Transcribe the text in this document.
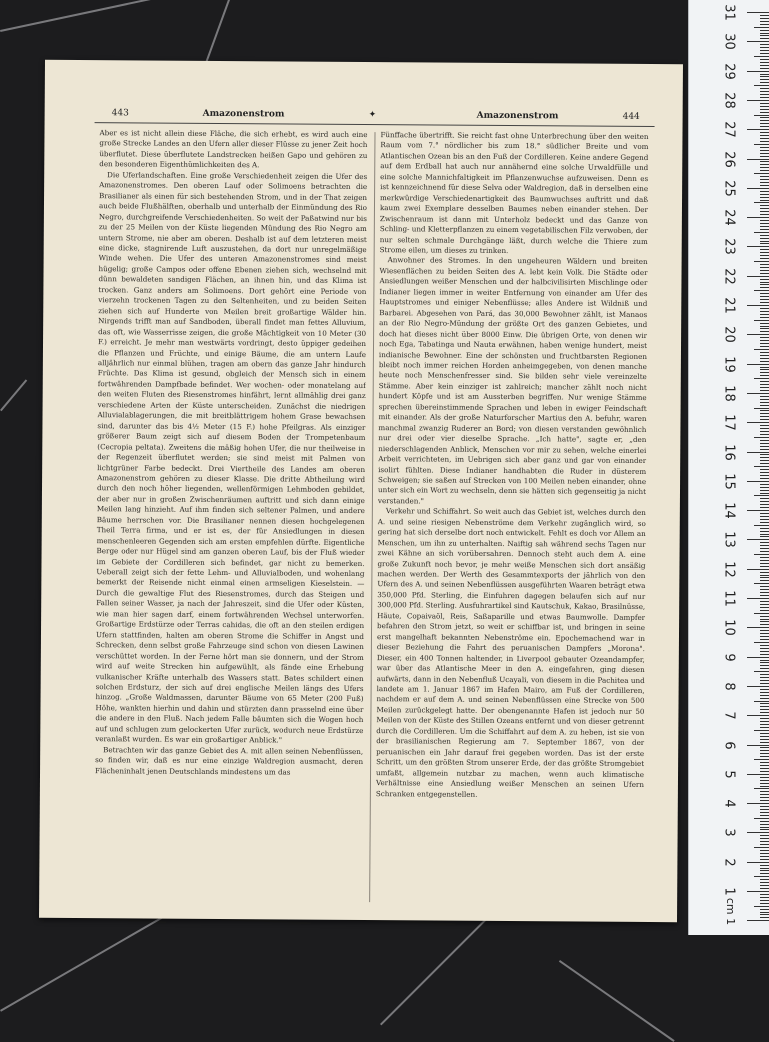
443	Amazonenstrom	✦	Amazonenstrom	444

Aber es ist nicht allein diese Fläche, die sich erhebt, es wird auch eine große Strecke Landes an den Ufern aller dieser Flüsse zu jener Zeit hoch überflutet. Diese überflutete Landstrecken heißen Gapo und gehören zu den besonderen Eigenthümlichkeiten des A.

Die Uferlandschaften. Eine große Verschiedenheit zeigen die Ufer des Amazonenstromes. Den oberen Lauf oder Solimoens betrachten die Brasilianer als einen für sich bestehenden Strom, und in der That zeigen auch beide Flußhälften, oberhalb und unterhalb der Einmündung des Rio Negro, durchgreifende Verschiedenheiten. So weit der Paßatwind nur bis zu der 25 Meilen von der Küste liegenden Mündung des Rio Negro am untern Strome, nie aber am oberen. Deshalb ist auf dem letzteren meist eine dicke, stagnirende Luft auszustehen, da dort nur unregelmäßige Winde wehen. Die Ufer des unteren Amazonenstromes sind meist hügelig; große Campos oder offene Ebenen ziehen sich, wechselnd mit dünn bewaldeten sandigen Flächen, an ihnen hin, und das Klima ist trocken. Ganz anders am Solimoens. Dort gehört eine Periode von vierzehn trockenen Tagen zu den Seltenheiten, und zu beiden Seiten ziehen sich auf Hunderte von Meilen breit großartige Wälder hin. Nirgends trifft man auf Sandboden, überall findet man fettes Alluvium, das oft, wie Wasserrisse zeigen, die große Mächtigkeit von 10 Meter (30 F.) erreicht. Je mehr man westwärts vordringt, desto üppiger gedeihen die Pflanzen und Früchte, und einige Bäume, die am untern Laufe alljährlich nur einmal blühen, tragen am obern das ganze Jahr hindurch Früchte. Das Klima ist gesund, obgleich der Mensch sich in einem fortwährenden Dampfbade befindet. Wer wochen- oder monatelang auf den weiten Fluten des Riesenstromes hinfährt, lernt allmählig drei ganz verschiedene Arten der Küste unterscheiden. Zunächst die niedrigen Alluvialablagerungen, die mit breitblättrigem hohem Grase bewachsen sind, darunter das bis 4½ Meter (15 F.) hohe Pfeilgras. Als einziger größerer Baum zeigt sich auf diesem Boden der Trompetenbaum (Cecropia peltata). Zweitens die mäßig hohen Ufer, die nur theilweise in der Regenzeit überflutet werden; sie sind meist mit Palmen von lichtgrüner Farbe bedeckt. Drei Viertheile des Landes am oberen Amazonenstrom gehören zu dieser Klasse. Die dritte Abtheilung wird durch den noch höher liegenden, wellenförmigen Lehmboden gebildet, der aber nur in großen Zwischenräumen auftritt und sich dann einige Meilen lang hinzieht. Auf ihm finden sich seltener Palmen, und andere Bäume herrschen vor. Die Brasilianer nennen diesen hochgelegenen Theil Terra firma, und er ist es, der für Ansiedlungen in diesen menschenleeren Gegenden sich am ersten empfehlen dürfte. Eigentliche Berge oder nur Hügel sind am ganzen oberen Lauf, bis der Fluß wieder im Gebiete der Cordilleren sich befindet, gar nicht zu bemerken. Ueberall zeigt sich der fette Lehm- und Alluvialboden, und wohenlang bemerkt der Reisende nicht einmal einen armseligen Kieselstein. — Durch die gewaltige Flut des Riesenstromes, durch das Steigen und Fallen seiner Wasser, ja nach der Jahreszeit, sind die Ufer oder Küsten, wie man hier sagen darf, einem fortwährenden Wechsel unterworfen. Großartige Erdstürze oder Terras cahidas, die oft an den steilen erdigen Ufern stattfinden, halten am oberen Strome die Schiffer in Angst und Schrecken, denn selbst große Fahrzeuge sind schon von diesen Lawinen verschüttet worden. In der Ferne hört man sie donnern, und der Strom wird auf weite Strecken hin aufgewühlt, als fände eine Erhebung vulkanischer Kräfte unterhalb des Wassers statt. Bates schildert einen solchen Erdsturz, der sich auf drei englische Meilen längs des Ufers hinzog. „Große Waldmassen, darunter Bäume von 65 Meter (200 Fuß) Höhe, wankten hierhin und dahin und stürzten dann prasselnd eine über die andere in den Fluß. Nach jedem Falle bäumten sich die Wogen hoch auf und schlugen zum gelockerten Ufer zurück, wodurch neue Erdstürze veranlaßt wurden. Es war ein großartiger Anblick."

Betrachten wir das ganze Gebiet des A. mit allen seinen Nebenflüssen, so finden wir, daß es nur eine einzige Waldregion ausmacht, deren Flächeninhalt jenen Deutschlands mindestens um das

Fünffache übertrifft. Sie reicht fast ohne Unterbrechung über den weiten Raum vom 7.° nördlicher bis zum 18.° südlicher Breite und vom Atlantischen Ozean bis an den Fuß der Cordilleren. Keine andere Gegend auf dem Erdball hat auch nur annähernd eine solche Urwaldfülle und eine solche Mannichfaltigkeit im Pflanzenwuchse aufzuweisen. Denn es ist kennzeichnend für diese Selva oder Waldregion, daß in derselben eine merkwürdige Verschiedenartigkeit des Baumwuchses auftritt und daß kaum zwei Exemplare desselben Baumes neben einander stehen. Der Zwischenraum ist dann mit Unterholz bedeckt und das Ganze von Schling- und Kletterpflanzen zu einem vegetabilischen Filz verwoben, der nur selten schmale Durchgänge läßt, durch welche die Thiere zum Strome eilen, um dieses zu trinken.

Anwohner des Stromes. In den ungeheuren Wäldern und breiten Wiesenflächen zu beiden Seiten des A. lebt kein Volk. Die Städte oder Ansiedlungen weißer Menschen und der halbcivilisirten Mischlinge oder Indianer liegen immer in weiter Entfernung von einander am Ufer des Hauptstromes und einiger Nebenflüsse; alles Andere ist Wildniß und Barbarei. Abgesehen von Pará, das 30,000 Bewohner zählt, ist Manaos an der Rio Negro-Mündung der größte Ort des ganzen Gebietes, und doch hat dieses nicht über 8000 Einw. Die übrigen Orte, von denen wir noch Ega, Tabatinga und Nauta erwähnen, haben wenige hundert, meist indianische Bewohner. Eine der schönsten und fruchtbarsten Regionen bleibt noch immer reichen Horden anheimgegeben, von denen manche heute noch Menschenfresser sind. Sie bilden sehr viele vereinzelte Stämme. Aber kein einziger ist zahlreich; mancher zählt noch nicht hundert Köpfe und ist am Aussterben begriffen. Nur wenige Stämme sprechen übereinstimmende Sprachen und leben in ewiger Feindschaft mit einander. Als der große Naturforscher Martius den A. befuhr, waren manchmal zwanzig Ruderer an Bord; von diesen verstanden gewöhnlich nur drei oder vier dieselbe Sprache. „Ich hatte", sagte er, „den niederschlagenden Anblick, Menschen vor mir zu sehen, welche einerlei Arbeit verrichteten, im Uebrigen sich aber ganz und gar von einander isolirt fühlten. Diese Indianer handhabten die Ruder in düsterem Schweigen; sie saßen auf Strecken von 100 Meilen neben einander, ohne unter sich ein Wort zu wechseln, denn sie hätten sich gegenseitig ja nicht verstanden."

Verkehr und Schiffahrt. So weit auch das Gebiet ist, welches durch den A. und seine riesigen Nebenströme dem Verkehr zugänglich wird, so gering hat sich derselbe dort noch entwickelt. Fehlt es doch vor Allem an Menschen, um ihn zu unterhalten. Naiftig sah während sechs Tagen nur zwei Kähne an sich vorübersahren. Dennoch steht auch dem A. eine große Zukunft noch bevor, je mehr weiße Menschen sich dort ansäßig machen werden. Der Werth des Gesammtexports der jährlich von den Ufern des A. und seinen Nebenflüssen ausgeführten Waaren beträgt etwa 350,000 Pfd. Sterling, die Einfuhren dagegen belaufen sich auf nur 300,000 Pfd. Sterling. Ausfuhrartikel sind Kautschuk, Kakao, Brasilnüsse, Häute, Copaivaöl, Reis, Saßaparille und etwas Baumwolle. Dampfer befahren den Strom jetzt, so weit er schiffbar ist, und bringen in seine erst mangelhaft bekannten Nebenströme ein. Epochemachend war in dieser Beziehung die Fahrt des peruanischen Dampfers „Morona". Dieser, ein 400 Tonnen haltender, in Liverpool gebauter Ozeandampfer, war über das Atlantische Meer in den A. eingefahren, ging diesen aufwärts, dann in den Nebenfluß Ucayali, von diesem in die Pachitea und landete am 1. Januar 1867 im Hafen Mairo, am Fuß der Cordilleren, nachdem er auf dem A. und seinen Nebenflüssen eine Strecke von 500 Meilen zurückgelegt hatte. Der obengenannte Hafen ist jedoch nur 50 Meilen von der Küste des Stillen Ozeans entfernt und von dieser getrennt durch die Cordilleren. Um die Schiffahrt auf dem A. zu heben, ist sie von der brasilianischen Regierung am 7. September 1867, von der peruanischen ein Jahr darauf frei gegeben worden. Das ist der erste Schritt, um den größten Strom unserer Erde, der das größte Stromgebiet umfaßt, allgemein nutzbar zu machen, wenn auch klimatische Verhältnisse eine Ansiedlung weißer Menschen an seinen Ufern Schranken entgegenstellen.

cm 1
31
30
29
28
27
26
25
24
23
22
21
20
19
18
17
16
15
14
13
12
11
10
9
8
7
6
5
4
3
2
1
